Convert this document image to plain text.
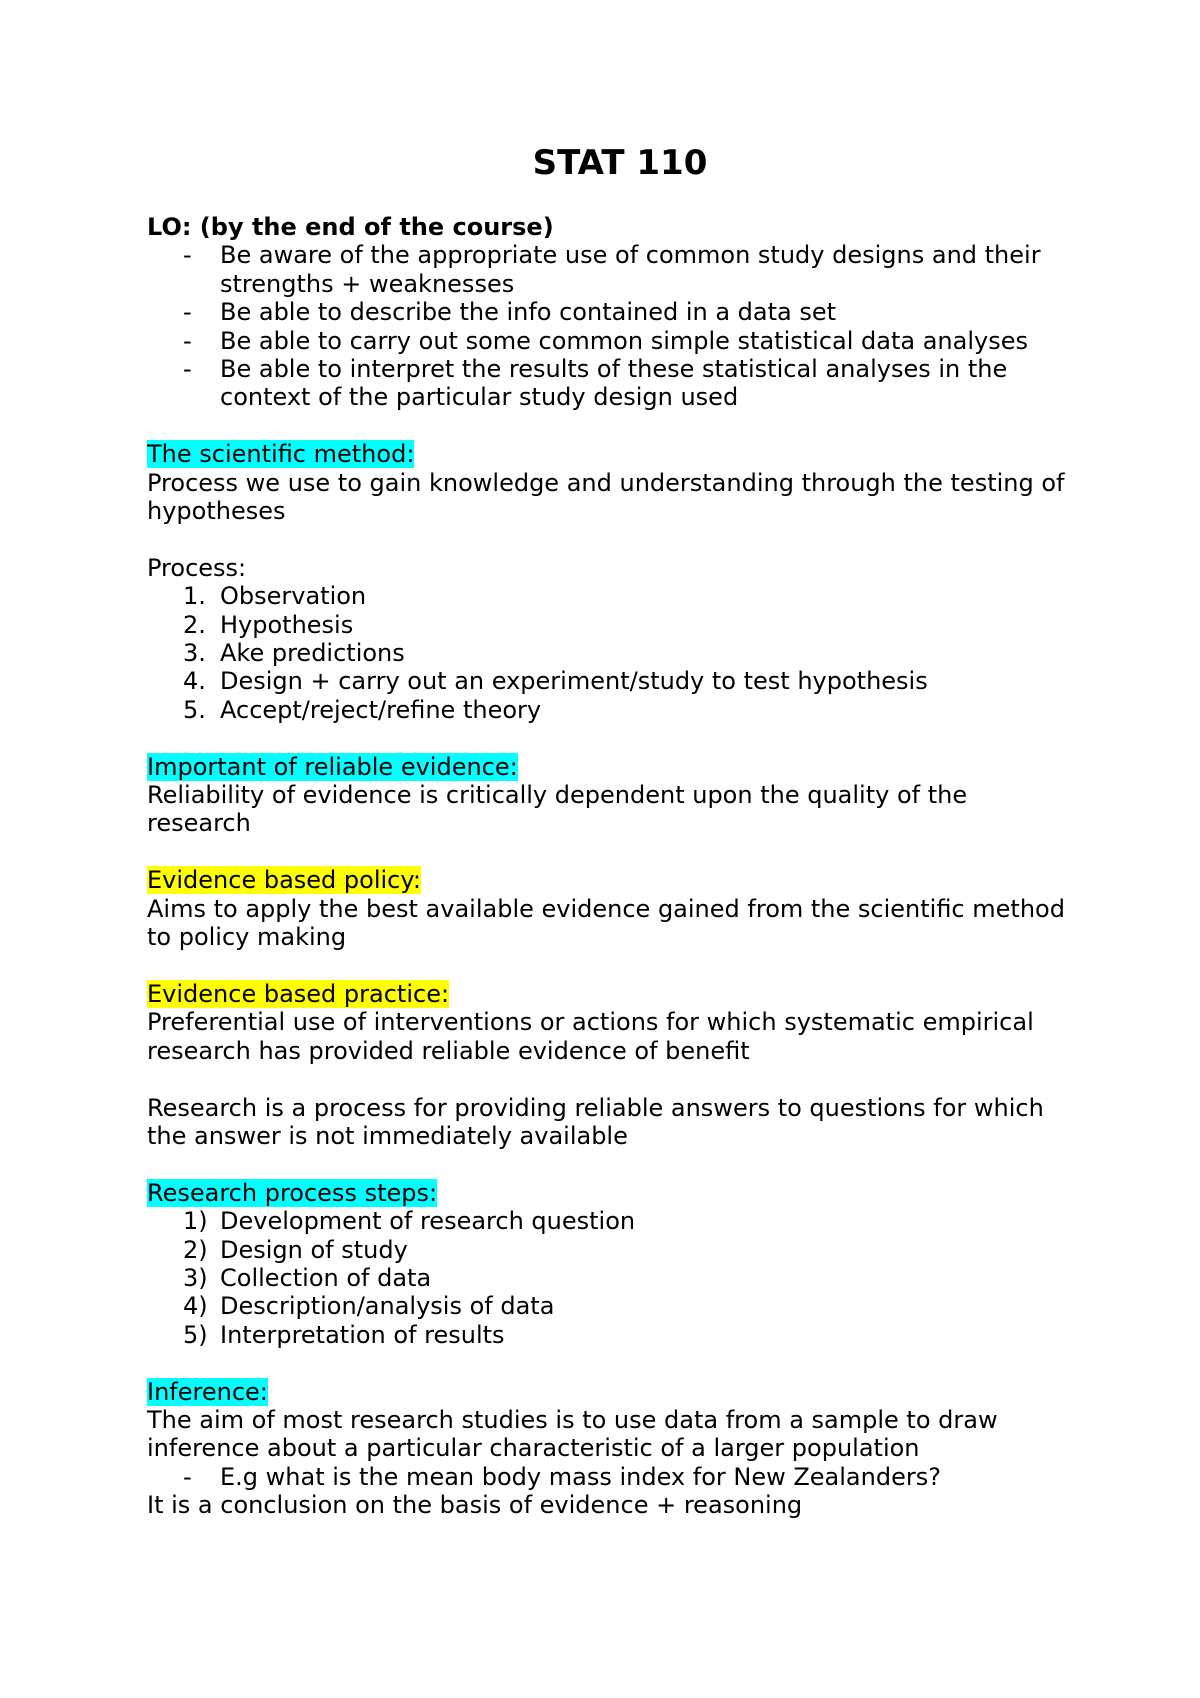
STAT 110

LO: (by the end of the course)

- Be aware of the appropriate use of common study designs and their strengths + weaknesses
- Be able to describe the info contained in a data set
- Be able to carry out some common simple statistical data analyses
- Be able to interpret the results of these statistical analyses in the context of the particular study design used

The scientific method:

Process we use to gain knowledge and understanding through the testing of hypotheses

Process:

1. Observation
2. Hypothesis
3. Ake predictions
4. Design + carry out an experiment/study to test hypothesis
5. Accept/reject/refine theory

Important of reliable evidence:

Reliability of evidence is critically dependent upon the quality of the research

Evidence based policy:

Aims to apply the best available evidence gained from the scientific method to policy making

Evidence based practice:

Preferential use of interventions or actions for which systematic empirical research has provided reliable evidence of benefit

Research is a process for providing reliable answers to questions for which the answer is not immediately available

Research process steps:

1) Development of research question
2) Design of study
3) Collection of data
4) Description/analysis of data
5) Interpretation of results

Inference:

The aim of most research studies is to use data from a sample to draw inference about a particular characteristic of a larger population

- E.g what is the mean body mass index for New Zealanders?

It is a conclusion on the basis of evidence + reasoning
